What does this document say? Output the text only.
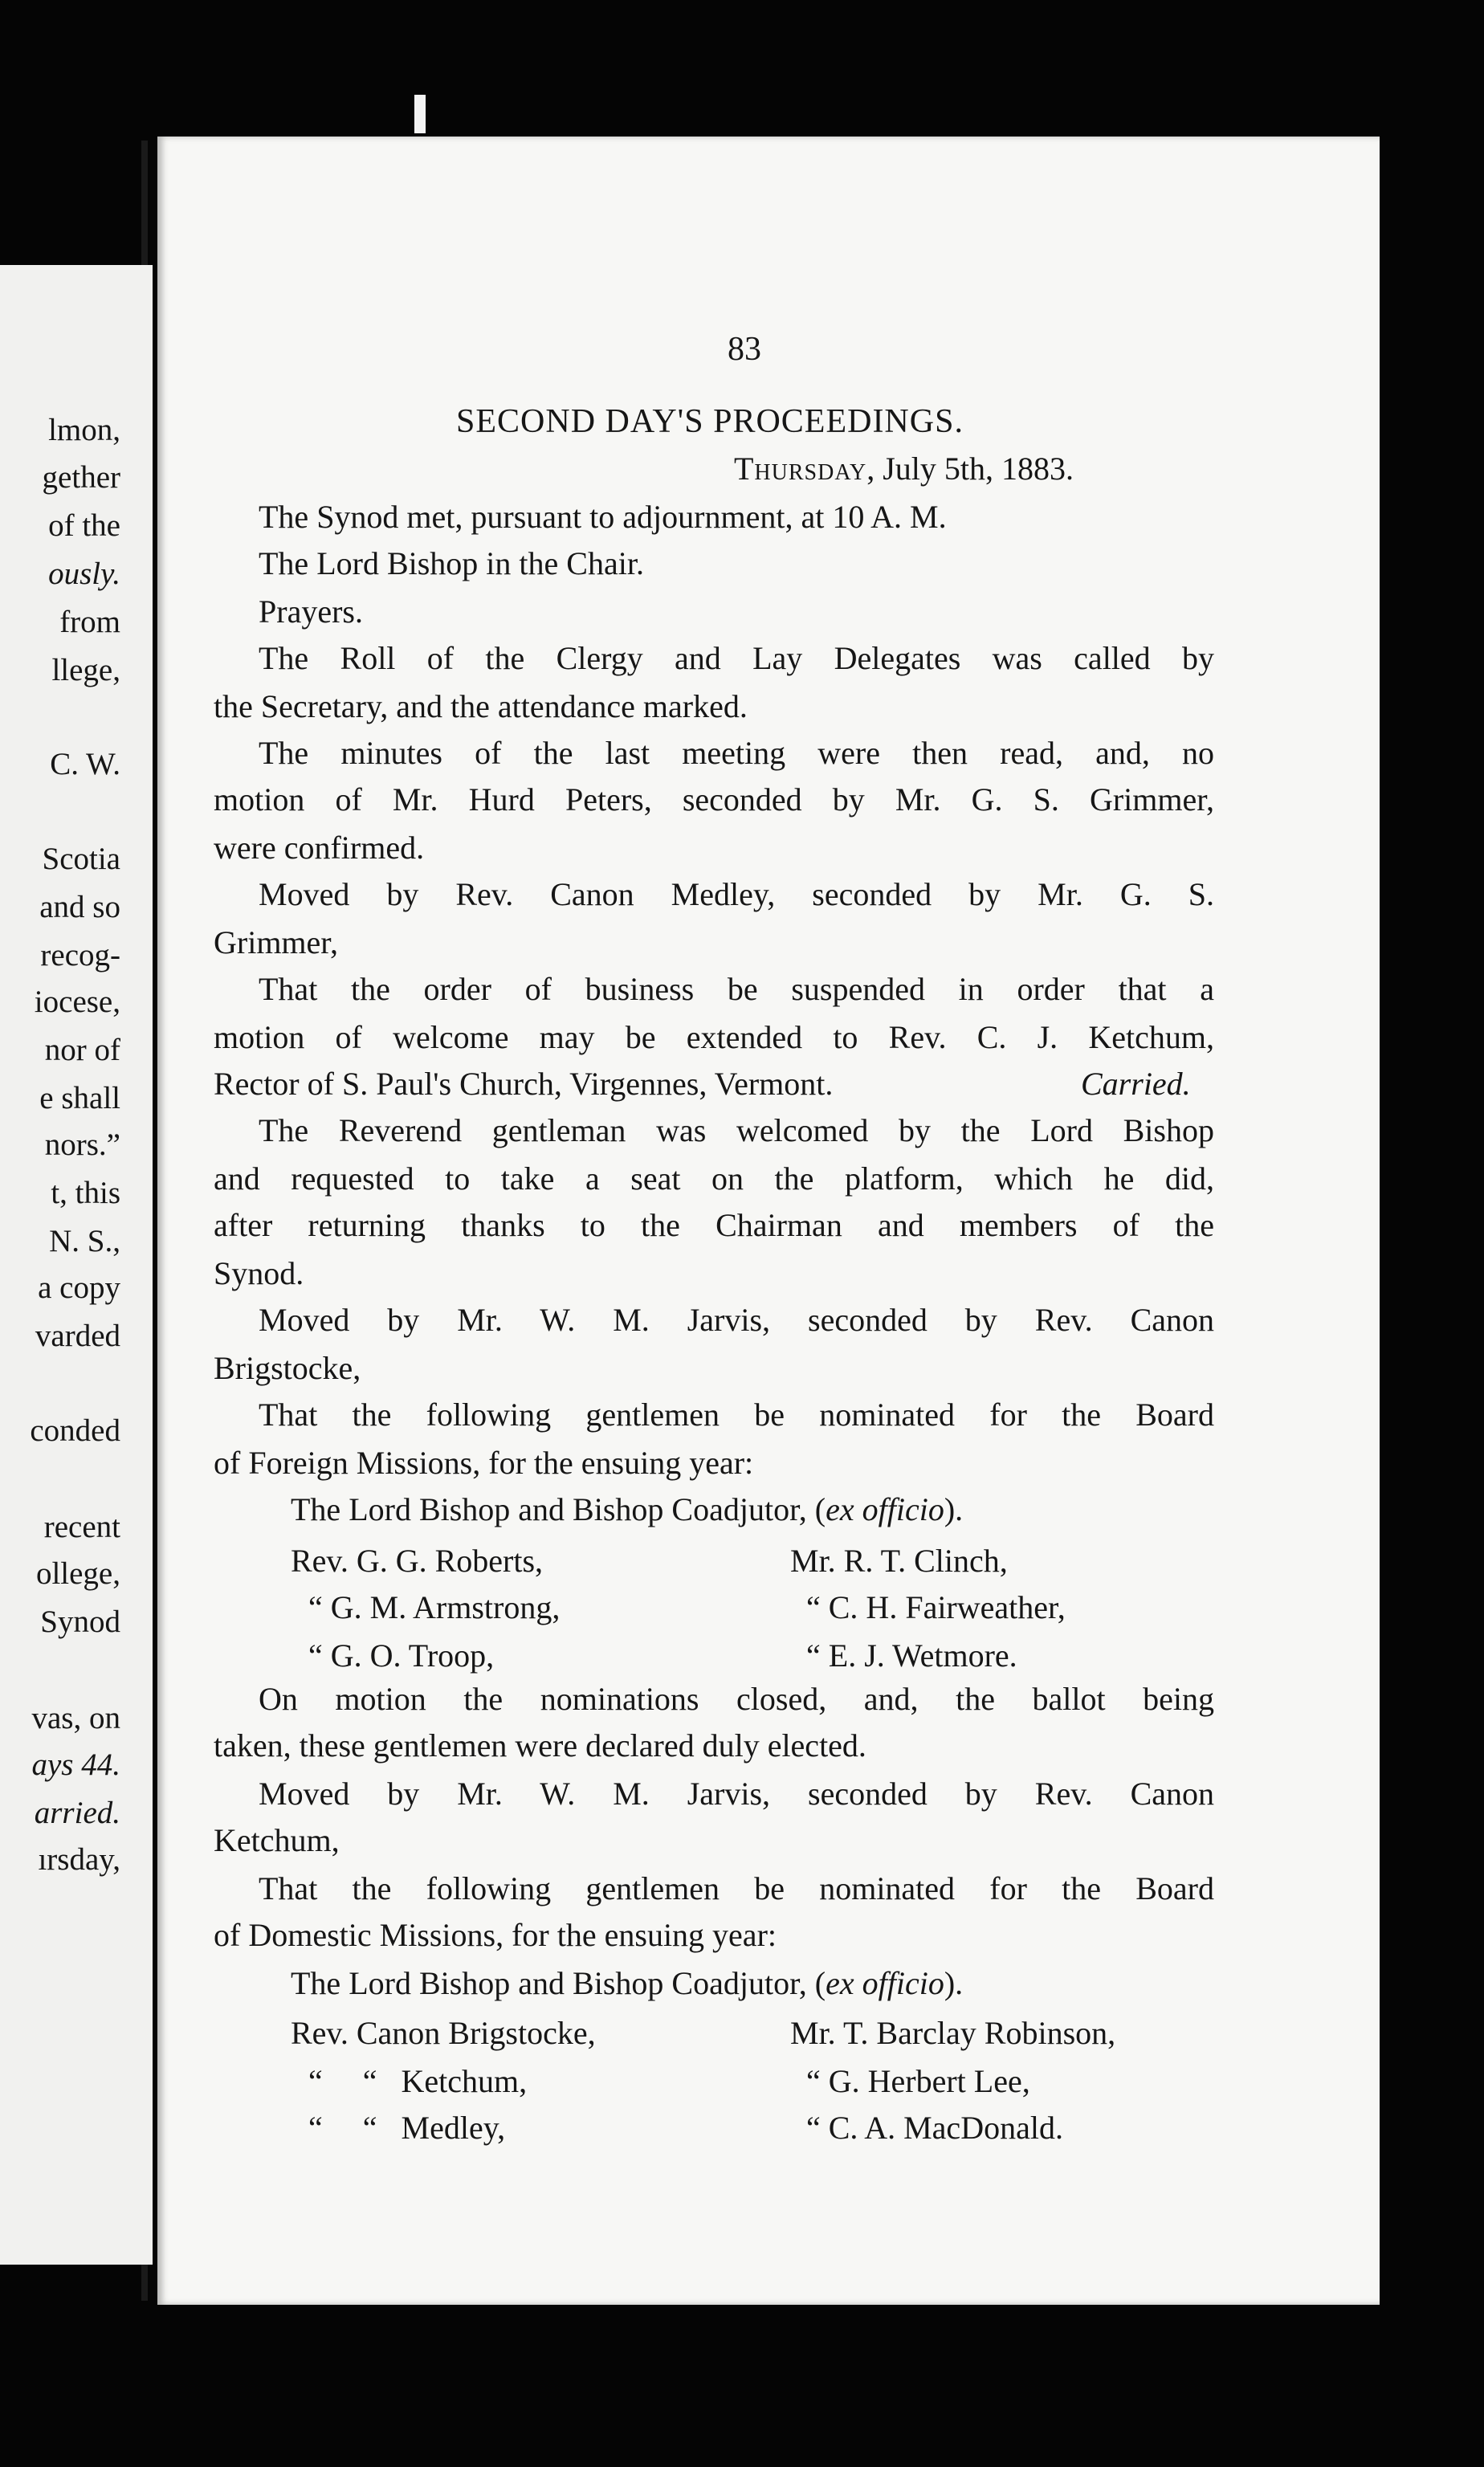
lmon,
gether
of the
ously.
from
llege,
C. W.
Scotia
and so
recog-
iocese,
nor of
e shall
nors.”
t, this
N. S.,
a copy
varded
conded
recent
ollege,
Synod
vas, on
ays 44.
arried.
ırsday,
83
SECOND DAY'S PROCEEDINGS.
Thursday, July 5th, 1883.
The Synod met, pursuant to adjournment, at 10 A. M.
The Lord Bishop in the Chair.
Prayers.
The Roll of the Clergy and Lay Delegates was called by
the Secretary, and the attendance marked.
The minutes of the last meeting were then read, and, no
motion of Mr. Hurd Peters, seconded by Mr. G. S. Grimmer,
were confirmed.
Moved by Rev. Canon Medley, seconded by Mr. G. S.
Grimmer,
That the order of business be suspended in order that a
motion of welcome may be extended to Rev. C. J. Ketchum,
Rector of S. Paul's Church, Virgennes, Vermont.	Carried.
The Reverend gentleman was welcomed by the Lord Bishop
and requested to take a seat on the platform, which he did,
after returning thanks to the Chairman and members of the
Synod.
Moved by Mr. W. M. Jarvis, seconded by Rev. Canon
Brigstocke,
That the following gentlemen be nominated for the Board
of Foreign Missions, for the ensuing year:
The Lord Bishop and Bishop Coadjutor, (ex officio).
Rev. G. G. Roberts,
“ G. M. Armstrong,
“ G. O. Troop,
Mr. R. T. Clinch,
“ C. H. Fairweather,
“ E. J. Wetmore.
On motion the nominations closed, and, the ballot being
taken, these gentlemen were declared duly elected.
Moved by Mr. W. M. Jarvis, seconded by Rev. Canon
Ketchum,
That the following gentlemen be nominated for the Board
of Domestic Missions, for the ensuing year:
The Lord Bishop and Bishop Coadjutor, (ex officio).
Rev. Canon Brigstocke,
“     “   Ketchum,
“     “   Medley,
Mr. T. Barclay Robinson,
“ G. Herbert Lee,
“ C. A. MacDonald.
